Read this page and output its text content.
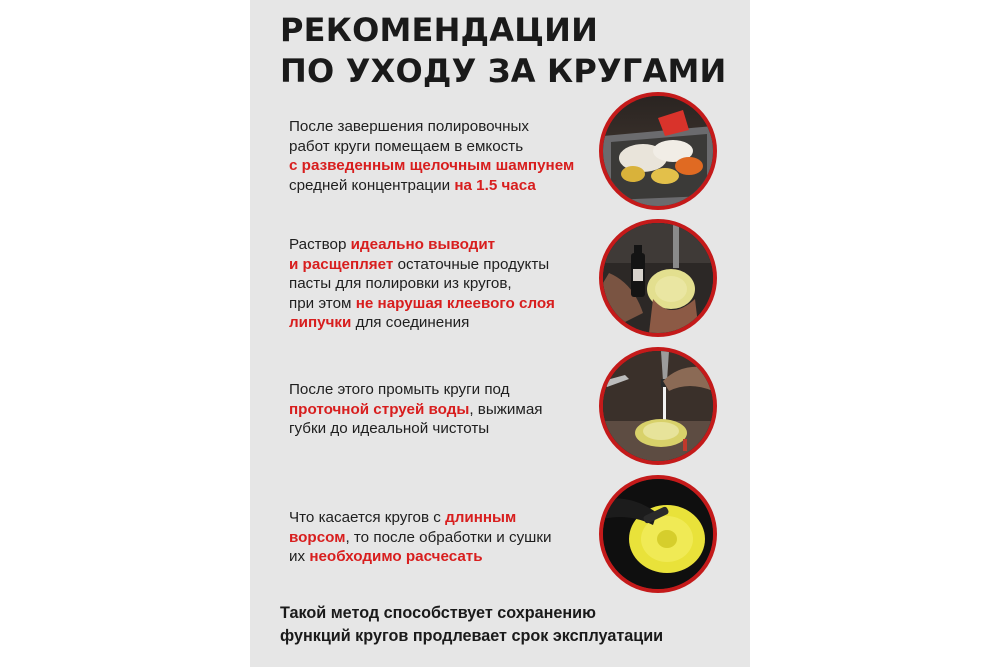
РЕКОМЕНДАЦИИ
ПО УХОДУ ЗА КРУГАМИ
После завершения полировочных
работ круги помещаем в емкость
с разведенным щелочным шампунем
средней концентрации на 1.5 часа
Раствор идеально выводит
и расщепляет остаточные продукты
пасты для полировки из кругов,
при этом не нарушая клеевого слоя
липучки для соединения
После этого промыть круги под
проточной струей воды, выжимая
губки до идеальной чистоты
Что касается кругов с длинным
ворсом, то после обработки и сушки
их необходимо расчесать
Такой метод способствует сохранению
функций кругов продлевает срок эксплуатации
